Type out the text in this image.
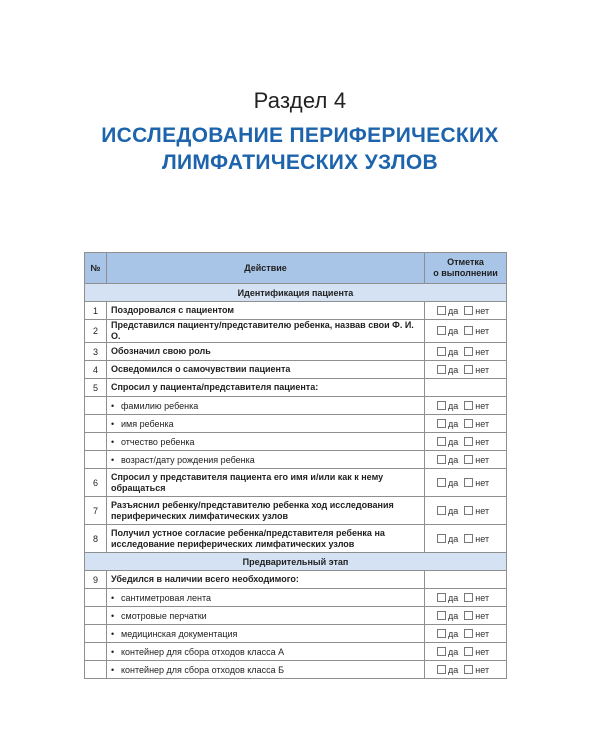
Раздел 4
ИССЛЕДОВАНИЕ ПЕРИФЕРИЧЕСКИХ
ЛИМФАТИЧЕСКИХ УЗЛОВ
№	Действие	Отметка
о выполнении
Идентификация пациента		
1	Поздоровался с пациентом	да нет
2	Представился пациенту/представителю ребенка, назвав свои Ф. И. О.	да нет
3	Обозначил свою роль	да нет
4	Осведомился о самочувствии пациента	да нет
5	Спросил у пациента/представителя пациента:	
	• фамилию ребенка	да нет
	• имя ребенка	да нет
	• отчество ребенка	да нет
	• возраст/дату рождения ребенка	да нет
6	Спросил у представителя пациента его имя и/или как к нему обращаться	да нет
7	Разъяснил ребенку/представителю ребенка ход исследования периферических лимфатических узлов	да нет
8	Получил устное согласие ребенка/представителя ребенка на исследование периферических лимфатических узлов	да нет
Предварительный этап		
9	Убедился в наличии всего необходимого:	
	• сантиметровая лента	да нет
	• смотровые перчатки	да нет
	• медицинская документация	да нет
	• контейнер для сбора отходов класса А	да нет
	• контейнер для сбора отходов класса Б	да нет
